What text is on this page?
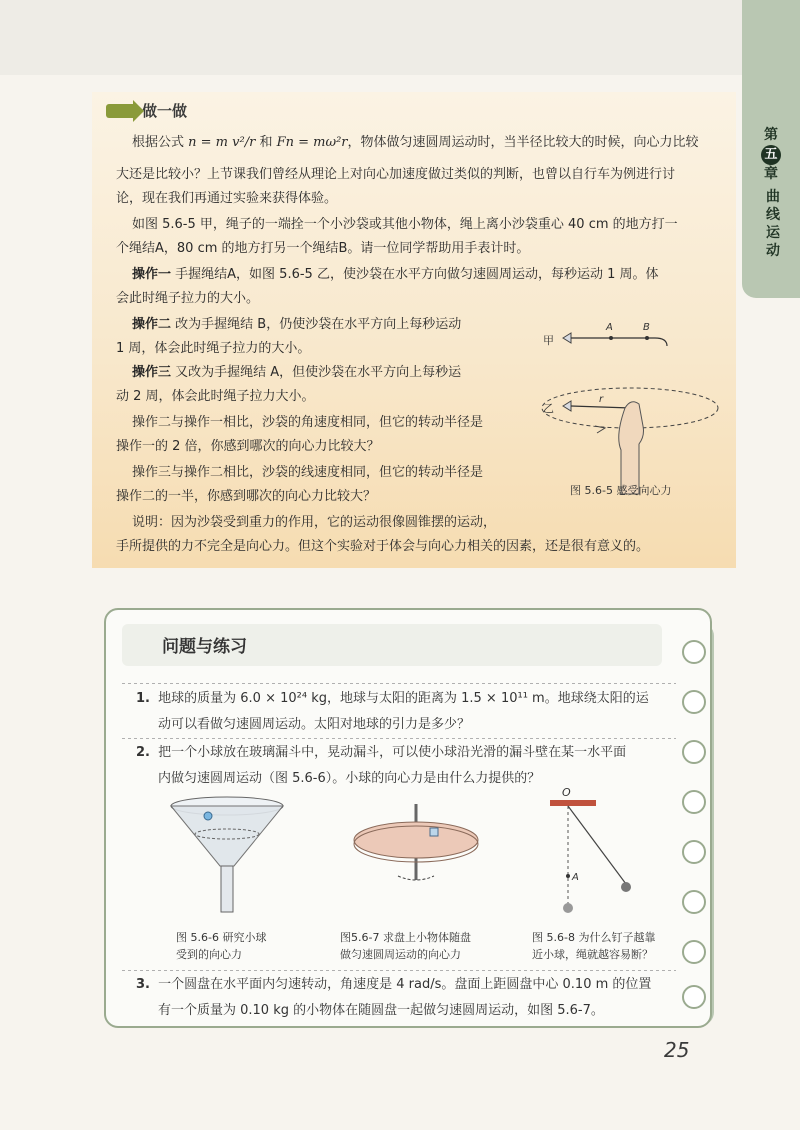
第
五
章
曲线运动
做一做
根据公式 n = m v²/r 和 Fn = mω²r，物体做匀速圆周运动时，当半径比较大的时候，向心力比较
大还是比较小？上节课我们曾经从理论上对向心加速度做过类似的判断，也曾以自行车为例进行讨
论，现在我们再通过实验来获得体验。
如图 5.6-5 甲，绳子的一端拴一个小沙袋或其他小物体，绳上离小沙袋重心 40 cm 的地方打一
个绳结A，80 cm 的地方打另一个绳结B。请一位同学帮助用手表计时。
操作一 手握绳结A，如图 5.6-5 乙，使沙袋在水平方向做匀速圆周运动，每秒运动 1 周。体
会此时绳子拉力的大小。
操作二 改为手握绳结 B，仍使沙袋在水平方向上每秒运动
1 周，体会此时绳子拉力的大小。
操作三 又改为手握绳结 A，但使沙袋在水平方向上每秒运
动 2 周，体会此时绳子拉力大小。
操作二与操作一相比，沙袋的角速度相同，但它的转动半径是
操作一的 2 倍，你感到哪次的向心力比较大？
操作三与操作二相比，沙袋的线速度相同，但它的转动半径是
操作二的一半，你感到哪次的向心力比较大？
说明：因为沙袋受到重力的作用，它的运动很像圆锥摆的运动，
手所提供的力不完全是向心力。但这个实验对于体会与向心力相关的因素，还是很有意义的。
甲
A	B
乙
r
图 5.6-5 感受向心力
问题与练习
1. 地球的质量为 6.0 × 10²⁴ kg，地球与太阳的距离为 1.5 × 10¹¹ m。地球绕太阳的运
动可以看做匀速圆周运动。太阳对地球的引力是多少？
2. 把一个小球放在玻璃漏斗中，晃动漏斗，可以使小球沿光滑的漏斗壁在某一水平面
内做匀速圆周运动（图 5.6-6）。小球的向心力是由什么力提供的？
图 5.6-6 研究小球
受到的向心力
图5.6-7 求盘上小物体随盘
做匀速圆周运动的向心力
O
A
图 5.6-8 为什么钉子越靠
近小球，绳就越容易断？
3. 一个圆盘在水平面内匀速转动，角速度是 4 rad/s。盘面上距圆盘中心 0.10 m 的位置
有一个质量为 0.10 kg 的小物体在随圆盘一起做匀速圆周运动，如图 5.6-7。
25
